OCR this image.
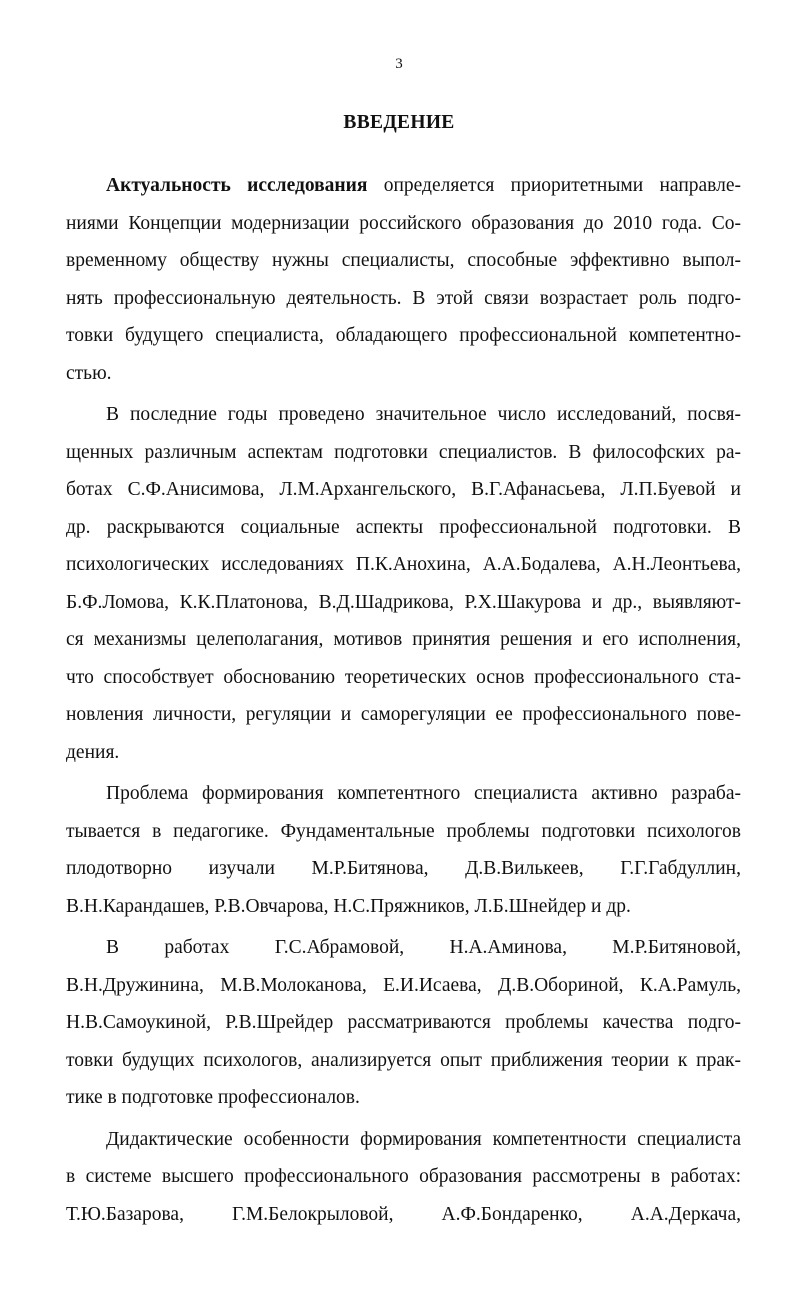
3
ВВЕДЕНИЕ
Актуальность исследования определяется приоритетными направле-
ниями Концепции модернизации российского образования до 2010 года. Со-
временному обществу нужны специалисты, способные эффективно выпол-
нять профессиональную деятельность. В этой связи возрастает роль подго-
товки будущего специалиста, обладающего профессиональной компетентно-
стью.
В последние годы проведено значительное число исследований, посвя-
щенных различным аспектам подготовки специалистов. В философских ра-
ботах С.Ф.Анисимова, Л.М.Архангельского, В.Г.Афанасьева, Л.П.Буевой и
др. раскрываются социальные аспекты профессиональной подготовки. В
психологических исследованиях П.К.Анохина, А.А.Бодалева, А.Н.Леонтьева,
Б.Ф.Ломова, К.К.Платонова, В.Д.Шадрикова, Р.Х.Шакурова и др., выявляют-
ся механизмы целеполагания, мотивов принятия решения и его исполнения,
что способствует обоснованию теоретических основ профессионального ста-
новления личности, регуляции и саморегуляции ее профессионального пове-
дения.
Проблема формирования компетентного специалиста активно разраба-
тывается в педагогике. Фундаментальные проблемы подготовки психологов
плодотворно изучали М.Р.Битянова, Д.В.Вилькеев, Г.Г.Габдуллин,
В.Н.Карандашев, Р.В.Овчарова, Н.С.Пряжников, Л.Б.Шнейдер и др.
В работах Г.С.Абрамовой, Н.А.Аминова, М.Р.Битяновой,
В.Н.Дружинина, М.В.Молоканова, Е.И.Исаева, Д.В.Обориной, К.А.Рамуль,
Н.В.Самоукиной, Р.В.Шрейдер рассматриваются проблемы качества подго-
товки будущих психологов, анализируется опыт приближения теории к прак-
тике в подготовке профессионалов.
Дидактические особенности формирования компетентности специалиста
в системе высшего профессионального образования рассмотрены в работах:
Т.Ю.Базарова, Г.М.Белокрыловой, А.Ф.Бондаренко, А.А.Деркача,
